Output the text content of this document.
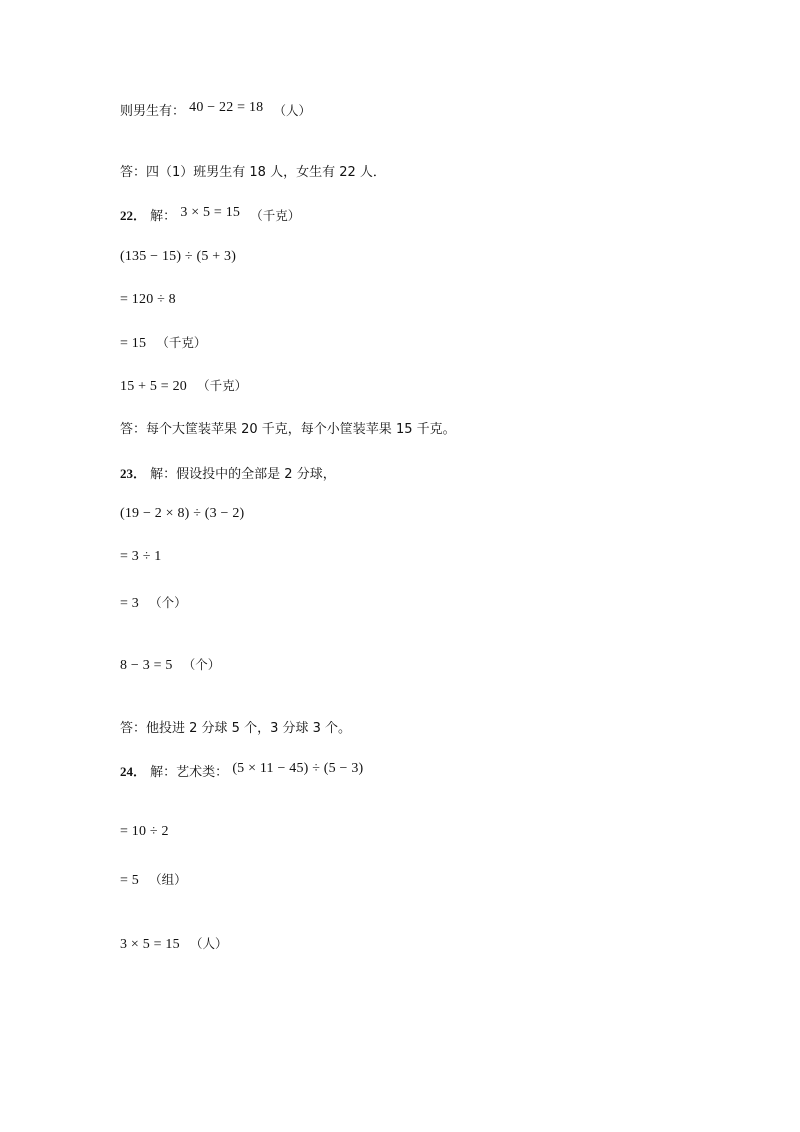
则男生有： 40 − 22 = 18 （人）
答：四（1）班男生有 18 人，女生有 22 人．
22． 解： 3 × 5 = 15 （千克）
(135 − 15) ÷ (5 + 3)
= 120 ÷ 8
= 15 （千克）
15 + 5 = 20 （千克）
答：每个大筐装苹果 20 千克，每个小筐装苹果 15 千克。
23． 解：假设投中的全部是 2 分球，
(19 − 2 × 8) ÷ (3 − 2)
= 3 ÷ 1
= 3 （个）
8 − 3 = 5 （个）
答：他投进 2 分球 5 个，3 分球 3 个。
24． 解：艺术类： (5 × 11 − 45) ÷ (5 − 3)
= 10 ÷ 2
= 5 （组）
3 × 5 = 15 （人）
